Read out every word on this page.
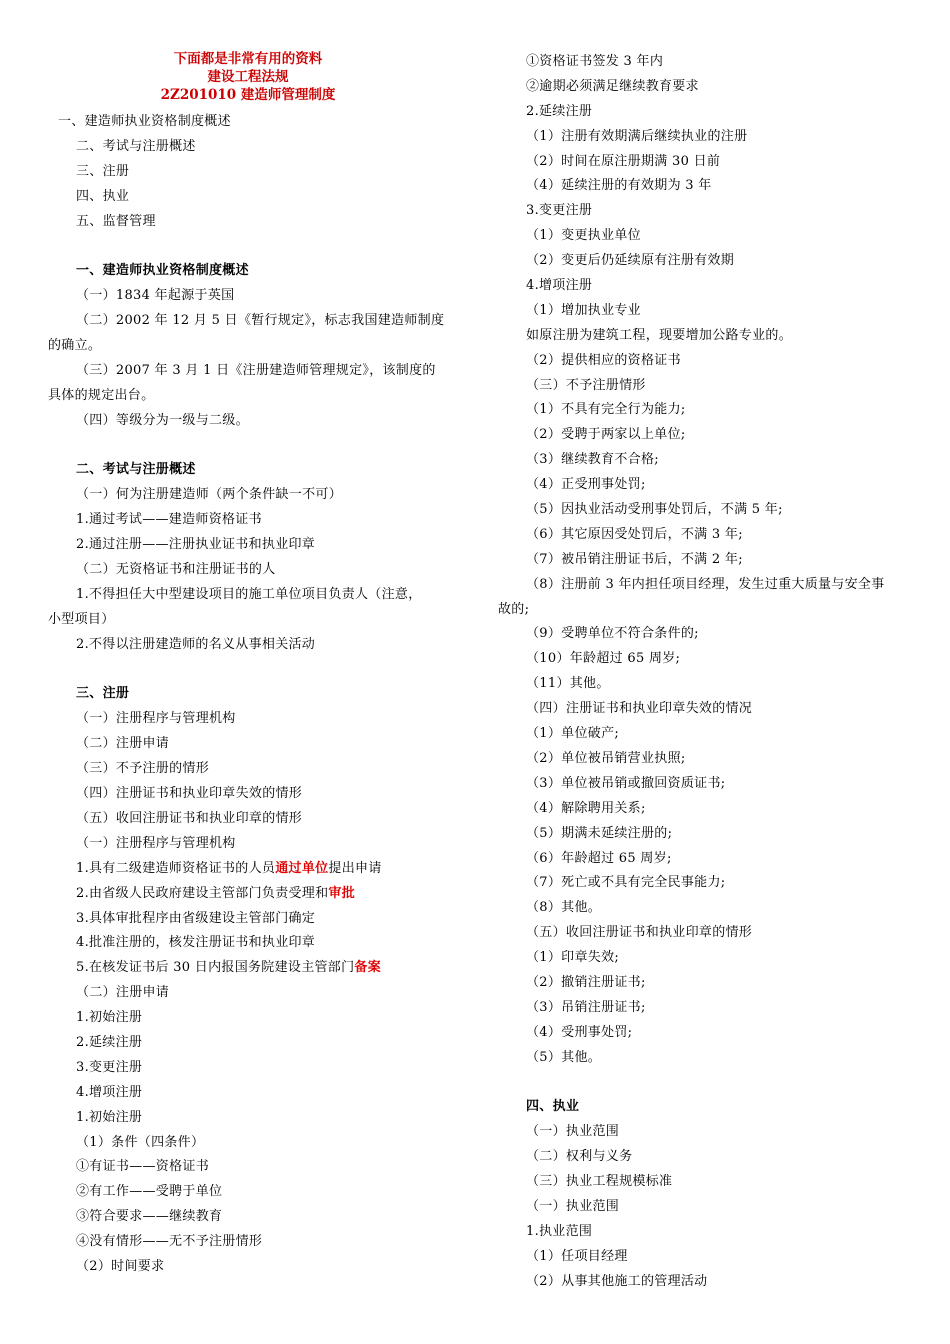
下面都是非常有用的资料
建设工程法规
2Z201010 建造师管理制度
一、建造师执业资格制度概述
二、考试与注册概述
三、注册
四、执业
五、监督管理
一、建造师执业资格制度概述
（一）1834 年起源于英国
（二）2002 年 12 月 5 日《暂行规定》，标志我国建造师制度
的确立。
（三）2007 年 3 月 1 日《注册建造师管理规定》，该制度的
具体的规定出台。
（四）等级分为一级与二级。
二、考试与注册概述
（一）何为注册建造师（两个条件缺一不可）
1.通过考试——建造师资格证书
2.通过注册——注册执业证书和执业印章
（二）无资格证书和注册证书的人
1.不得担任大中型建设项目的施工单位项目负责人（注意，
小型项目）
2.不得以注册建造师的名义从事相关活动
三、注册
（一）注册程序与管理机构
（二）注册申请
（三）不予注册的情形
（四）注册证书和执业印章失效的情形
（五）收回注册证书和执业印章的情形
（一）注册程序与管理机构
1.具有二级建造师资格证书的人员通过单位提出申请
2.由省级人民政府建设主管部门负责受理和审批
3.具体审批程序由省级建设主管部门确定
4.批准注册的，核发注册证书和执业印章
5.在核发证书后 30 日内报国务院建设主管部门备案
（二）注册申请
1.初始注册
2.延续注册
3.变更注册
4.增项注册
1.初始注册
（1）条件（四条件）
①有证书——资格证书
②有工作——受聘于单位
③符合要求——继续教育
④没有情形——无不予注册情形
（2）时间要求
①资格证书签发 3 年内
②逾期必须满足继续教育要求
2.延续注册
（1）注册有效期满后继续执业的注册
（2）时间在原注册期满 30 日前
（4）延续注册的有效期为 3 年
3.变更注册
（1）变更执业单位
（2）变更后仍延续原有注册有效期
4.增项注册
（1）增加执业专业
如原注册为建筑工程，现要增加公路专业的。
（2）提供相应的资格证书
（三）不予注册情形
（1）不具有完全行为能力;
（2）受聘于两家以上单位;
（3）继续教育不合格;
（4）正受刑事处罚;
（5）因执业活动受刑事处罚后，不满 5 年;
（6）其它原因受处罚后，不满 3 年;
（7）被吊销注册证书后，不满 2 年;
（8）注册前 3 年内担任项目经理，发生过重大质量与安全事
故的;
（9）受聘单位不符合条件的;
（10）年龄超过 65 周岁;
（11）其他。
（四）注册证书和执业印章失效的情况
（1）单位破产;
（2）单位被吊销营业执照;
（3）单位被吊销或撤回资质证书;
（4）解除聘用关系;
（5）期满未延续注册的;
（6）年龄超过 65 周岁;
（7）死亡或不具有完全民事能力;
（8）其他。
（五）收回注册证书和执业印章的情形
（1）印章失效;
（2）撤销注册证书;
（3）吊销注册证书;
（4）受刑事处罚;
（5）其他。
四、执业
（一）执业范围
（二）权利与义务
（三）执业工程规模标准
（一）执业范围
1.执业范围
（1）任项目经理
（2）从事其他施工的管理活动
